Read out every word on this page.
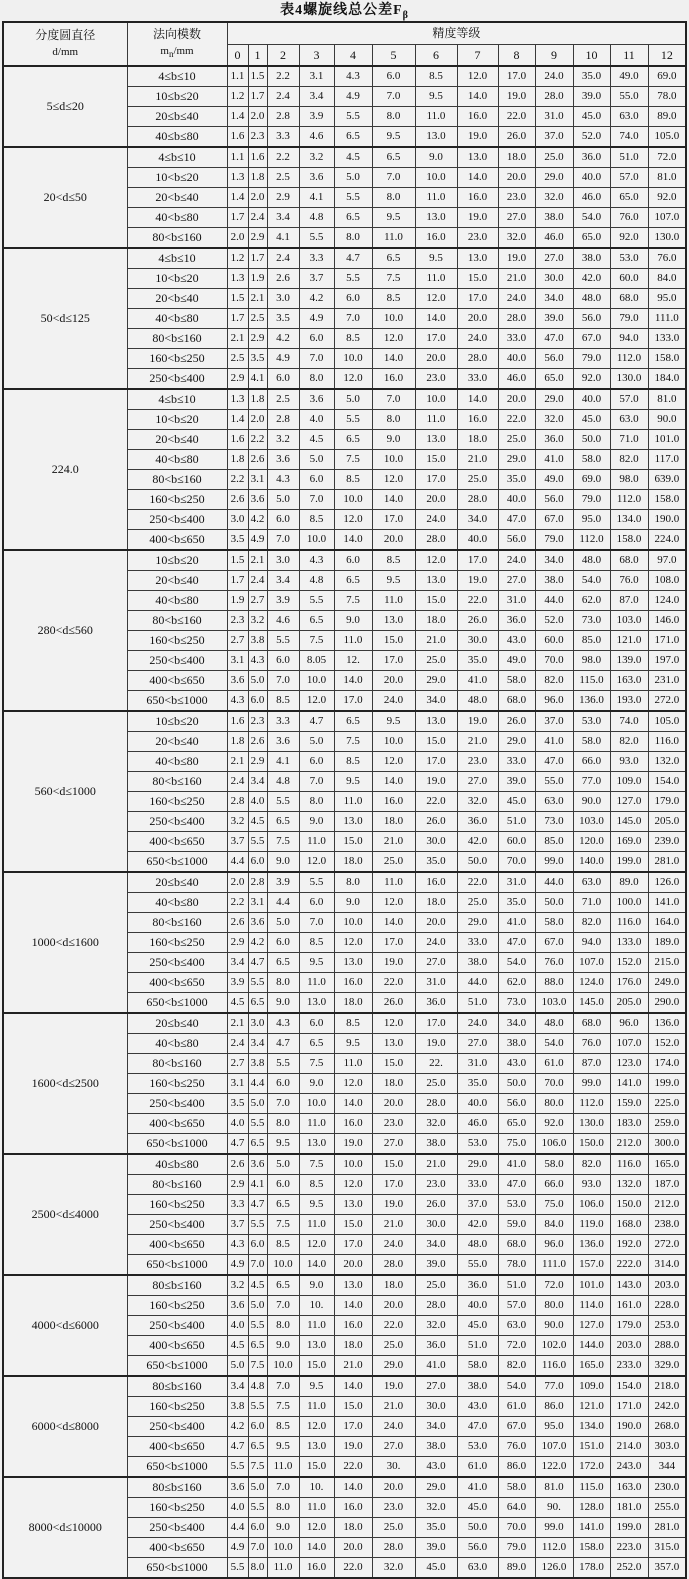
表4螺旋线总公差$F_\beta$
分度圆直径
d/mm	法向模数
$m_n/mm$	精度等级												
		0	1	2	3	4	5	6	7	8	9	10	11	12
5≤d≤20	4≤b≤10	1.1	1.5	2.2	3.1	4.3	6.0	8.5	12.0	17.0	24.0	35.0	49.0	69.0
	10≤b≤20	1.2	1.7	2.4	3.4	4.9	7.0	9.5	14.0	19.0	28.0	39.0	55.0	78.0
	20≤b≤40	1.4	2.0	2.8	3.9	5.5	8.0	11.0	16.0	22.0	31.0	45.0	63.0	89.0
	40≤b≤80	1.6	2.3	3.3	4.6	6.5	9.5	13.0	19.0	26.0	37.0	52.0	74.0	105.0
20<d≤50	4≤b≤10	1.1	1.6	2.2	3.2	4.5	6.5	9.0	13.0	18.0	25.0	36.0	51.0	72.0
	10<b≤20	1.3	1.8	2.5	3.6	5.0	7.0	10.0	14.0	20.0	29.0	40.0	57.0	81.0
	20<b≤40	1.4	2.0	2.9	4.1	5.5	8.0	11.0	16.0	23.0	32.0	46.0	65.0	92.0
	40<b≤80	1.7	2.4	3.4	4.8	6.5	9.5	13.0	19.0	27.0	38.0	54.0	76.0	107.0
	80<b≤160	2.0	2.9	4.1	5.5	8.0	11.0	16.0	23.0	32.0	46.0	65.0	92.0	130.0
50<d≤125	4≤b≤10	1.2	1.7	2.4	3.3	4.7	6.5	9.5	13.0	19.0	27.0	38.0	53.0	76.0
	10<b≤20	1.3	1.9	2.6	3.7	5.5	7.5	11.0	15.0	21.0	30.0	42.0	60.0	84.0
	20<b≤40	1.5	2.1	3.0	4.2	6.0	8.5	12.0	17.0	24.0	34.0	48.0	68.0	95.0
	40<b≤80	1.7	2.5	3.5	4.9	7.0	10.0	14.0	20.0	28.0	39.0	56.0	79.0	111.0
	80<b≤160	2.1	2.9	4.2	6.0	8.5	12.0	17.0	24.0	33.0	47.0	67.0	94.0	133.0
	160<b≤250	2.5	3.5	4.9	7.0	10.0	14.0	20.0	28.0	40.0	56.0	79.0	112.0	158.0
	250<b≤400	2.9	4.1	6.0	8.0	12.0	16.0	23.0	33.0	46.0	65.0	92.0	130.0	184.0
224.0	4≤b≤10	1.3	1.8	2.5	3.6	5.0	7.0	10.0	14.0	20.0	29.0	40.0	57.0	81.0
	10<b≤20	1.4	2.0	2.8	4.0	5.5	8.0	11.0	16.0	22.0	32.0	45.0	63.0	90.0
	20<b≤40	1.6	2.2	3.2	4.5	6.5	9.0	13.0	18.0	25.0	36.0	50.0	71.0	101.0
	40<b≤80	1.8	2.6	3.6	5.0	7.5	10.0	15.0	21.0	29.0	41.0	58.0	82.0	117.0
	80<b≤160	2.2	3.1	4.3	6.0	8.5	12.0	17.0	25.0	35.0	49.0	69.0	98.0	639.0
	160<b≤250	2.6	3.6	5.0	7.0	10.0	14.0	20.0	28.0	40.0	56.0	79.0	112.0	158.0
	250<b≤400	3.0	4.2	6.0	8.5	12.0	17.0	24.0	34.0	47.0	67.0	95.0	134.0	190.0
	400<b≤650	3.5	4.9	7.0	10.0	14.0	20.0	28.0	40.0	56.0	79.0	112.0	158.0	224.0
280<d≤560	10≤b≤20	1.5	2.1	3.0	4.3	6.0	8.5	12.0	17.0	24.0	34.0	48.0	68.0	97.0
	20<b≤40	1.7	2.4	3.4	4.8	6.5	9.5	13.0	19.0	27.0	38.0	54.0	76.0	108.0
	40<b≤80	1.9	2.7	3.9	5.5	7.5	11.0	15.0	22.0	31.0	44.0	62.0	87.0	124.0
	80<b≤160	2.3	3.2	4.6	6.5	9.0	13.0	18.0	26.0	36.0	52.0	73.0	103.0	146.0
	160<b≤250	2.7	3.8	5.5	7.5	11.0	15.0	21.0	30.0	43.0	60.0	85.0	121.0	171.0
	250<b≤400	3.1	4.3	6.0	8.05	12.	17.0	25.0	35.0	49.0	70.0	98.0	139.0	197.0
	400<b≤650	3.6	5.0	7.0	10.0	14.0	20.0	29.0	41.0	58.0	82.0	115.0	163.0	231.0
	650<b≤1000	4.3	6.0	8.5	12.0	17.0	24.0	34.0	48.0	68.0	96.0	136.0	193.0	272.0
560<d≤1000	10≤b≤20	1.6	2.3	3.3	4.7	6.5	9.5	13.0	19.0	26.0	37.0	53.0	74.0	105.0
	20<b≤40	1.8	2.6	3.6	5.0	7.5	10.0	15.0	21.0	29.0	41.0	58.0	82.0	116.0
	40<b≤80	2.1	2.9	4.1	6.0	8.5	12.0	17.0	23.0	33.0	47.0	66.0	93.0	132.0
	80<b≤160	2.4	3.4	4.8	7.0	9.5	14.0	19.0	27.0	39.0	55.0	77.0	109.0	154.0
	160<b≤250	2.8	4.0	5.5	8.0	11.0	16.0	22.0	32.0	45.0	63.0	90.0	127.0	179.0
	250<b≤400	3.2	4.5	6.5	9.0	13.0	18.0	26.0	36.0	51.0	73.0	103.0	145.0	205.0
	400<b≤650	3.7	5.5	7.5	11.0	15.0	21.0	30.0	42.0	60.0	85.0	120.0	169.0	239.0
	650<b≤1000	4.4	6.0	9.0	12.0	18.0	25.0	35.0	50.0	70.0	99.0	140.0	199.0	281.0
1000<d≤1600	20≤b≤40	2.0	2.8	3.9	5.5	8.0	11.0	16.0	22.0	31.0	44.0	63.0	89.0	126.0
	40<b≤80	2.2	3.1	4.4	6.0	9.0	12.0	18.0	25.0	35.0	50.0	71.0	100.0	141.0
	80<b≤160	2.6	3.6	5.0	7.0	10.0	14.0	20.0	29.0	41.0	58.0	82.0	116.0	164.0
	160<b≤250	2.9	4.2	6.0	8.5	12.0	17.0	24.0	33.0	47.0	67.0	94.0	133.0	189.0
	250<b≤400	3.4	4.7	6.5	9.5	13.0	19.0	27.0	38.0	54.0	76.0	107.0	152.0	215.0
	400<b≤650	3.9	5.5	8.0	11.0	16.0	22.0	31.0	44.0	62.0	88.0	124.0	176.0	249.0
	650<b≤1000	4.5	6.5	9.0	13.0	18.0	26.0	36.0	51.0	73.0	103.0	145.0	205.0	290.0
1600<d≤2500	20≤b≤40	2.1	3.0	4.3	6.0	8.5	12.0	17.0	24.0	34.0	48.0	68.0	96.0	136.0
	40<b≤80	2.4	3.4	4.7	6.5	9.5	13.0	19.0	27.0	38.0	54.0	76.0	107.0	152.0
	80<b≤160	2.7	3.8	5.5	7.5	11.0	15.0	22.	31.0	43.0	61.0	87.0	123.0	174.0
	160<b≤250	3.1	4.4	6.0	9.0	12.0	18.0	25.0	35.0	50.0	70.0	99.0	141.0	199.0
	250<b≤400	3.5	5.0	7.0	10.0	14.0	20.0	28.0	40.0	56.0	80.0	112.0	159.0	225.0
	400<b≤650	4.0	5.5	8.0	11.0	16.0	23.0	32.0	46.0	65.0	92.0	130.0	183.0	259.0
	650<b≤1000	4.7	6.5	9.5	13.0	19.0	27.0	38.0	53.0	75.0	106.0	150.0	212.0	300.0
2500<d≤4000	40≤b≤80	2.6	3.6	5.0	7.5	10.0	15.0	21.0	29.0	41.0	58.0	82.0	116.0	165.0
	80<b≤160	2.9	4.1	6.0	8.5	12.0	17.0	23.0	33.0	47.0	66.0	93.0	132.0	187.0
	160<b≤250	3.3	4.7	6.5	9.5	13.0	19.0	26.0	37.0	53.0	75.0	106.0	150.0	212.0
	250<b≤400	3.7	5.5	7.5	11.0	15.0	21.0	30.0	42.0	59.0	84.0	119.0	168.0	238.0
	400<b≤650	4.3	6.0	8.5	12.0	17.0	24.0	34.0	48.0	68.0	96.0	136.0	192.0	272.0
	650<b≤1000	4.9	7.0	10.0	14.0	20.0	28.0	39.0	55.0	78.0	111.0	157.0	222.0	314.0
4000<d≤6000	80≤b≤160	3.2	4.5	6.5	9.0	13.0	18.0	25.0	36.0	51.0	72.0	101.0	143.0	203.0
	160<b≤250	3.6	5.0	7.0	10.	14.0	20.0	28.0	40.0	57.0	80.0	114.0	161.0	228.0
	250<b≤400	4.0	5.5	8.0	11.0	16.0	22.0	32.0	45.0	63.0	90.0	127.0	179.0	253.0
	400<b≤650	4.5	6.5	9.0	13.0	18.0	25.0	36.0	51.0	72.0	102.0	144.0	203.0	288.0
	650<b≤1000	5.0	7.5	10.0	15.0	21.0	29.0	41.0	58.0	82.0	116.0	165.0	233.0	329.0
6000<d≤8000	80≤b≤160	3.4	4.8	7.0	9.5	14.0	19.0	27.0	38.0	54.0	77.0	109.0	154.0	218.0
	160<b≤250	3.8	5.5	7.5	11.0	15.0	21.0	30.0	43.0	61.0	86.0	121.0	171.0	242.0
	250<b≤400	4.2	6.0	8.5	12.0	17.0	24.0	34.0	47.0	67.0	95.0	134.0	190.0	268.0
	400<b≤650	4.7	6.5	9.5	13.0	19.0	27.0	38.0	53.0	76.0	107.0	151.0	214.0	303.0
	650<b≤1000	5.5	7.5	11.0	15.0	22.0	30.	43.0	61.0	86.0	122.0	172.0	243.0	344
8000<d≤10000	80≤b≤160	3.6	5.0	7.0	10.	14.0	20.0	29.0	41.0	58.0	81.0	115.0	163.0	230.0
	160<b≤250	4.0	5.5	8.0	11.0	16.0	23.0	32.0	45.0	64.0	90.	128.0	181.0	255.0
	250<b≤400	4.4	6.0	9.0	12.0	18.0	25.0	35.0	50.0	70.0	99.0	141.0	199.0	281.0
	400<b≤650	4.9	7.0	10.0	14.0	20.0	28.0	39.0	56.0	79.0	112.0	158.0	223.0	315.0
	650<b≤1000	5.5	8.0	11.0	16.0	22.0	32.0	45.0	63.0	89.0	126.0	178.0	252.0	357.0
